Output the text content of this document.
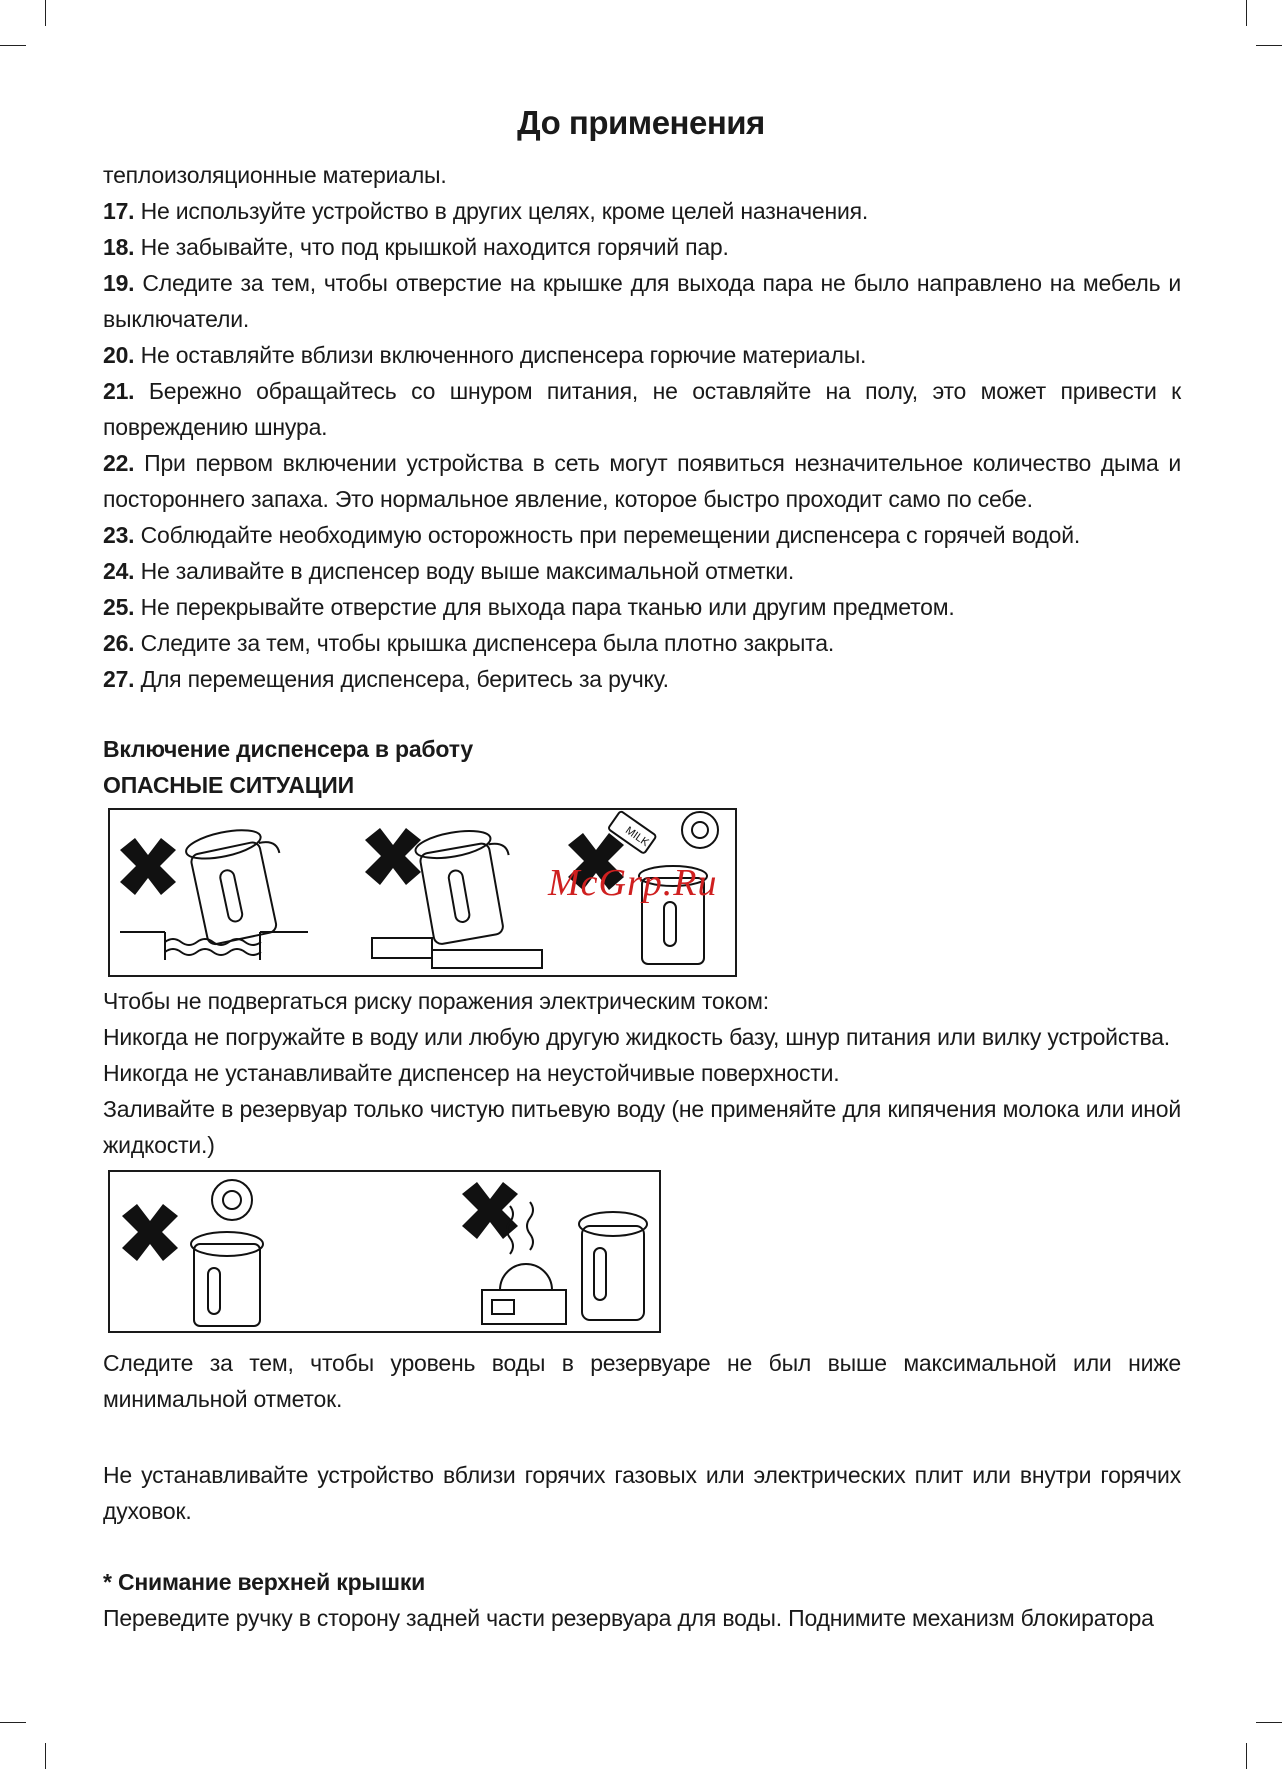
До применения

теплоизоляционные материалы.

17. Не используйте устройство в других целях, кроме целей назначения.

18. Не забывайте, что под крышкой находится горячий пар.

19. Следите за тем, чтобы отверстие на крышке для выхода пара не было направлено на мебель и выключатели.

20. Не оставляйте вблизи включенного диспенсера горючие материалы.

21. Бережно обращайтесь со шнуром питания, не оставляйте на полу, это может привести к повреждению шнура.

22. При первом включении устройства в сеть могут появиться незначительное количество дыма и постороннего запаха. Это нормальное явление, которое быстро проходит само по себе.

23. Соблюдайте необходимую осторожность при перемещении диспенсера с горячей водой.

24. Не заливайте в диспенсер воду выше максимальной отметки.

25. Не перекрывайте отверстие для выхода пара тканью или другим предметом.

26. Следите за тем, чтобы крышка диспенсера была плотно закрыта.

27. Для перемещения диспенсера, беритесь за ручку.

Включение диспенсера в работу

ОПАСНЫЕ СИТУАЦИИ

MILK
McGrp.Ru

Чтобы не подвергаться риску поражения электрическим током:

Никогда не погружайте в воду или любую другую жидкость базу, шнур питания или вилку устройства.

Никогда не устанавливайте диспенсер на неустойчивые поверхности.

Заливайте в резервуар только чистую питьевую воду (не применяйте для кипячения молока или иной жидкости.)

Следите за тем, чтобы уровень воды в резервуаре не был выше максимальной или ниже минимальной отметок.

Не устанавливайте устройство вблизи горячих газовых или электрических плит или внутри горячих духовок.

* Снимание верхней крышки

Переведите ручку в сторону задней части резервуара для воды. Поднимите механизм блокиратора
